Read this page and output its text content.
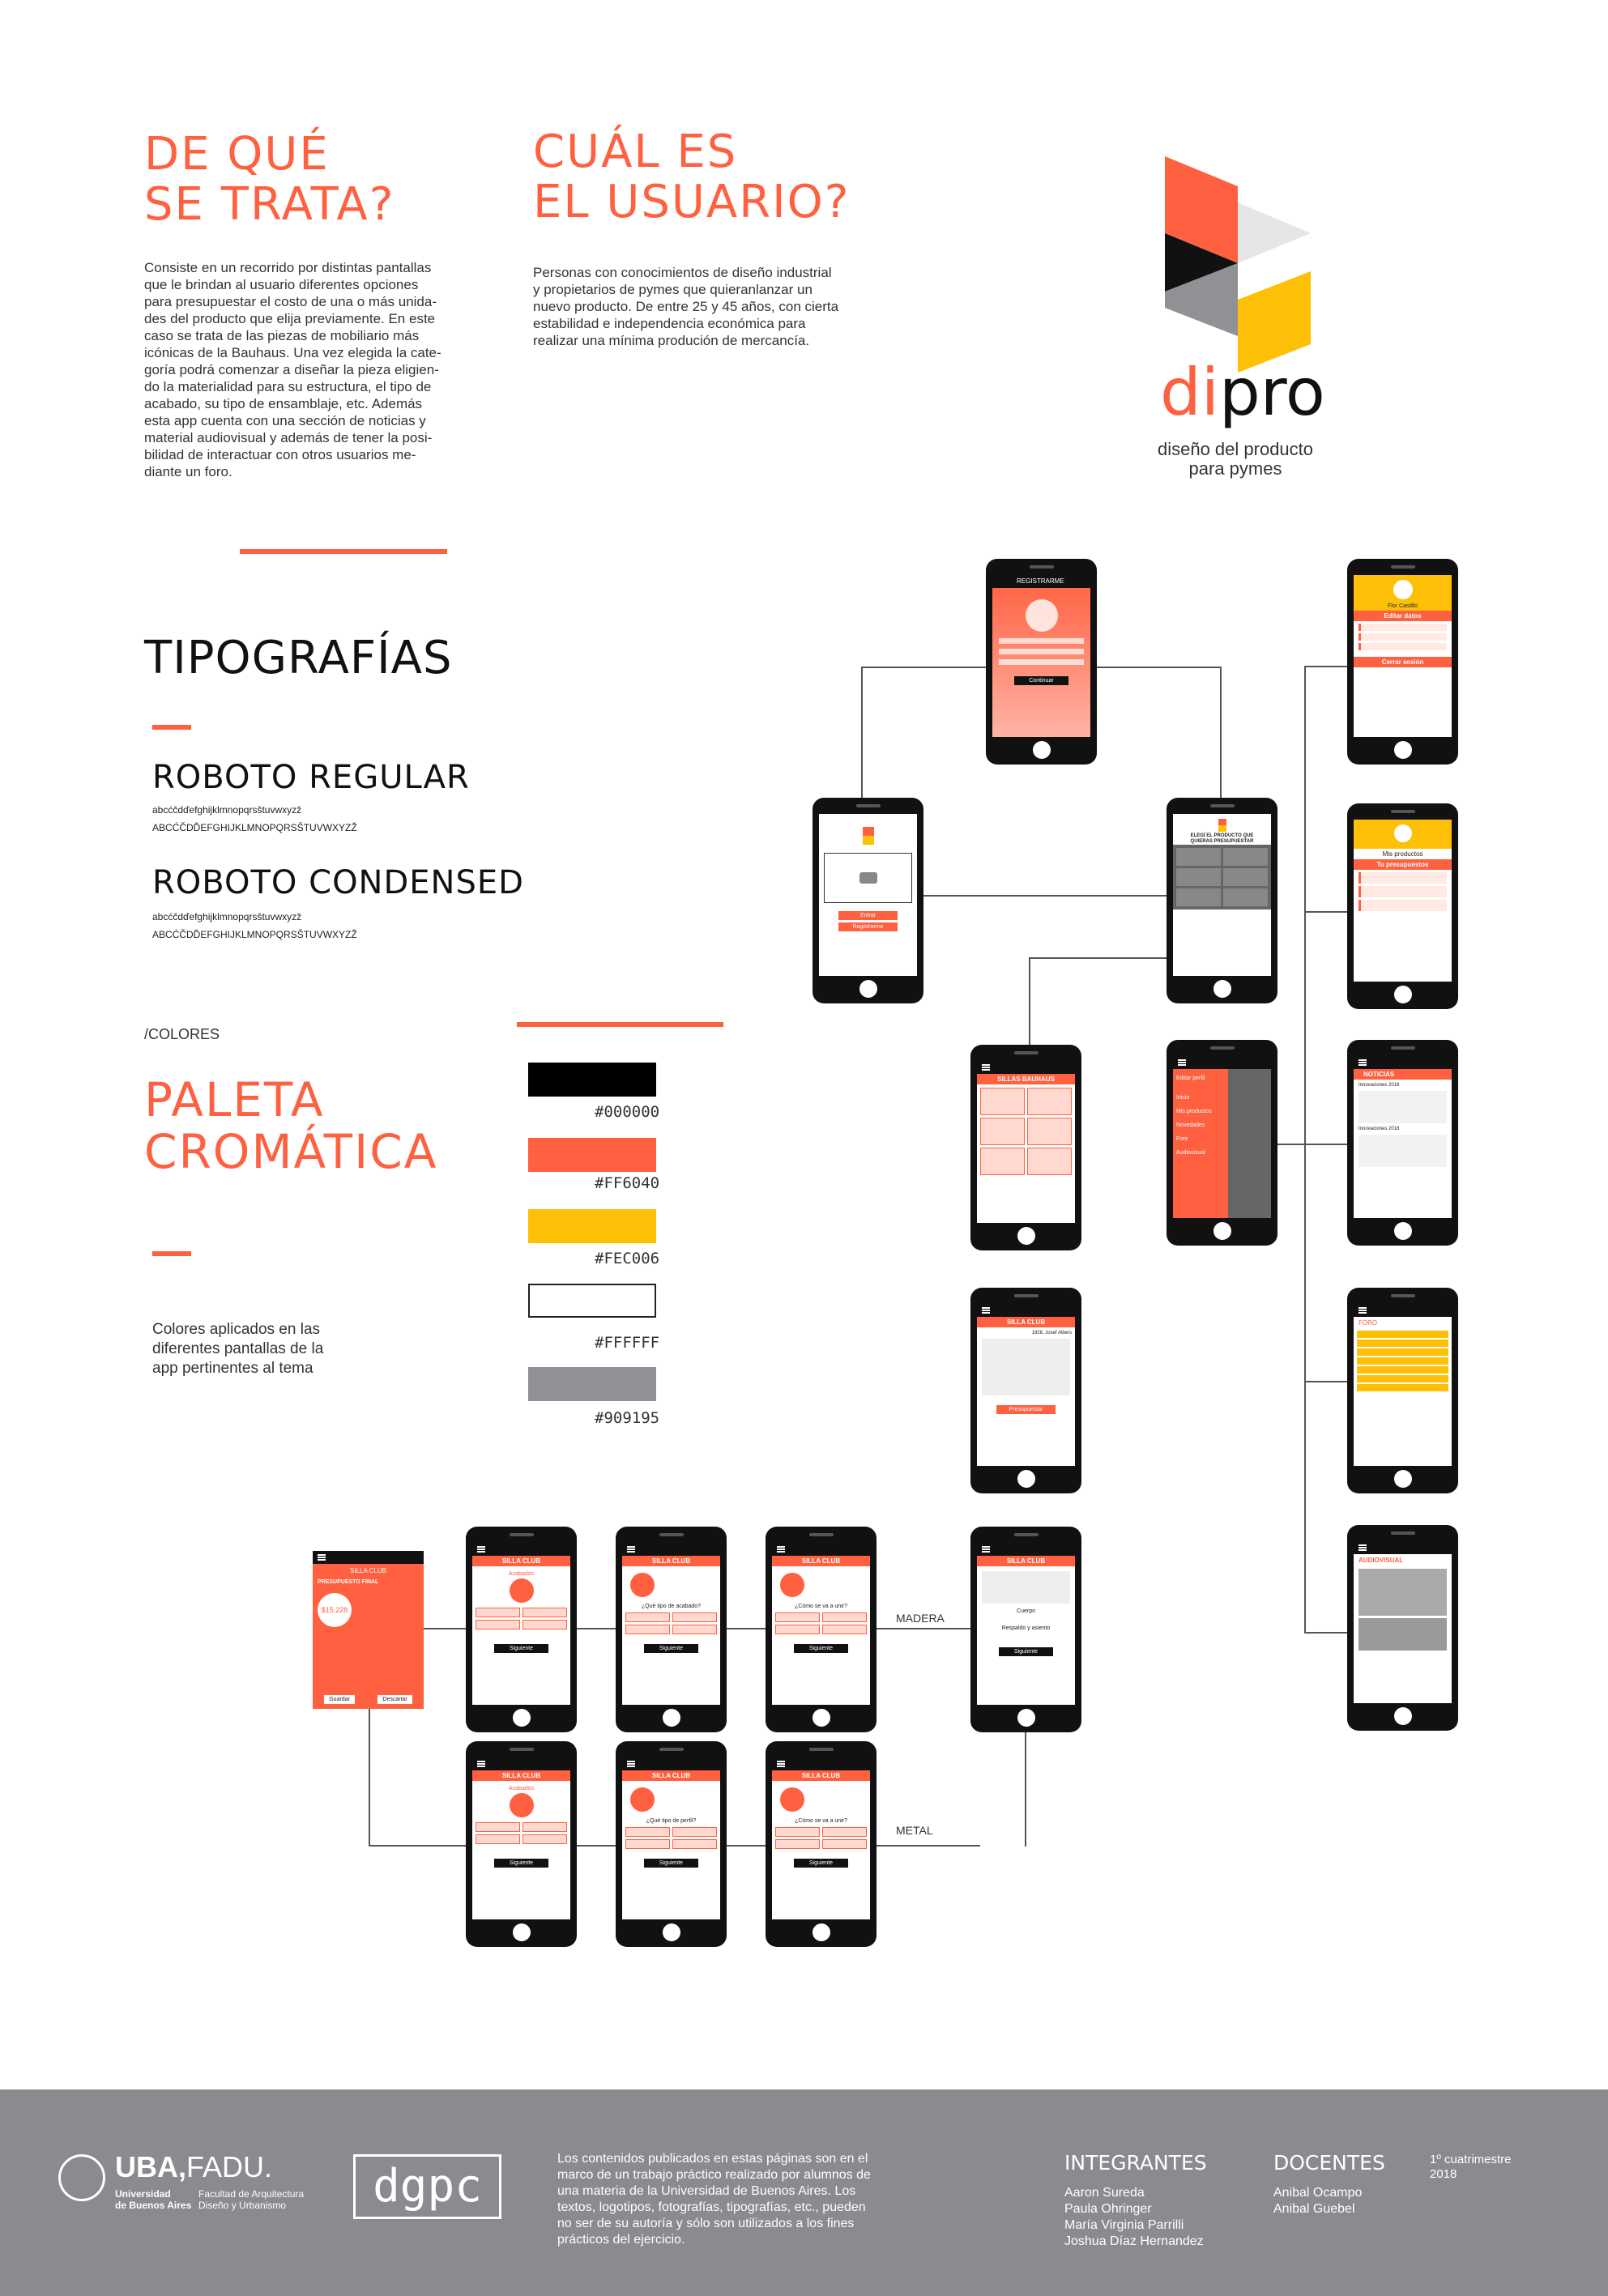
DE QUÉ
SE TRATA?
Consiste en un recorrido por distintas pantallas
que le brindan al usuario diferentes opciones
para presupuestar el costo de una o más unida-
des del producto que elija previamente. En este
caso se trata de las piezas de mobiliario más
icónicas de la Bauhaus. Una vez elegida la cate-
goría podrá comenzar a diseñar la pieza eligien-
do la materialidad para su estructura, el tipo de
acabado, su tipo de ensamblaje, etc. Además
esta app cuenta con una sección de noticias y
material audiovisual y además de tener la posi-
bilidad de interactuar con otros usuarios me-
diante un foro.
CUÁL ES
EL USUARIO?
Personas con conocimientos de diseño industrial
y propietarios de pymes que quieranlanzar un
nuevo producto. De entre 25 y 45 años, con cierta
estabilidad e independencia económica para
realizar una mínima produción de mercancía.
dipro
diseño del producto
para pymes
TIPOGRAFÍAS
ROBOTO REGULAR
abcćčdďefghijklmnopqrsštuvwxyzž
ABCĆČDĎEFGHIJKLMNOPQRSŠTUVWXYZŽ
ROBOTO CONDENSED
abcćčdďefghijklmnopqrsštuvwxyzž
ABCĆČDĎEFGHIJKLMNOPQRSŠTUVWXYZŽ
/COLORES
PALETA
CROMÁTICA
Colores aplicados en las
diferentes pantallas de la
app pertinentes al tema
#000000
#FF6040
#FEC006
#FFFFFF
#909195
REGISTRARME
Continuar
Entrar
Registrarme
ELEGÍ EL PRODUCTO QUE
QUIERAS PRESUPUESTAR
Flor Castillo
Editar datos
Cerrar sesión
Mis productos
Tu presupuestos
NOTICIAS
Innovaciones 2018
Innovaciones 2018
FORO
AUDIOVISUAL
SILLAS BAUHAUS	Editar perfil
Inicio
Mis productos
Novedades
Foro
Audiovisual
SILLA CLUB
1928, Josef Albers
Presupuestar
SILLA CLUB
Cuerpo
Respaldo y asiento
Siguiente
SILLA CLUB
PRESUPUESTO FINAL
$15.228
Guardar	Descartar
SILLA CLUB
Acabados
Siguiente
SILLA CLUB
¿Qué tipo de acabado?
Siguiente
SILLA CLUB
¿Cómo se va a unir?
Siguiente
SILLA CLUB
Acabados
Siguiente
SILLA CLUB
¿Qué tipo de perfil?
Siguiente
SILLA CLUB
¿Cómo se va a unir?
Siguiente
MADERA
METAL
UBA,FADU.
Universidad
de Buenos Aires
Facultad de Arquitectura
Diseño y Urbanismo	dgpc
Los contenidos publicados en estas páginas son en el
marco de un trabajo práctico realizado por alumnos de
una materia de la Universidad de Buenos Aires. Los
textos, logotipos, fotografías, tipografías, etc., pueden
no ser de su autoría y sólo son utilizados a los fines
prácticos del ejercicio.
INTEGRANTES
Aaron Sureda
Paula Ohringer
María Virginia Parrilli
Joshua Díaz Hernandez
DOCENTES
Anibal Ocampo
Anibal Guebel
1º cuatrimestre
2018
